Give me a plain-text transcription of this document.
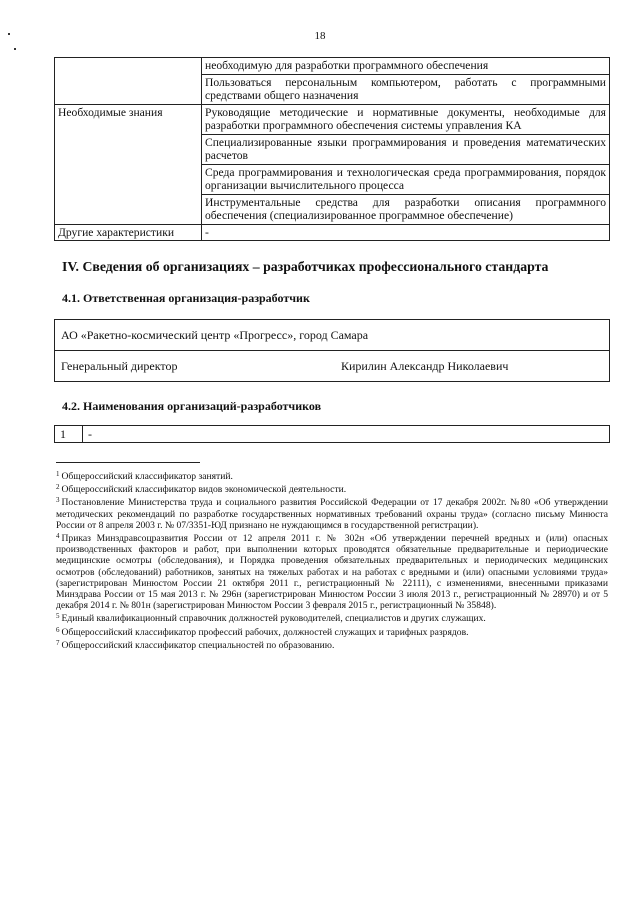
18
	необходимую для разработки программного обеспечения
	Пользоваться персональным компьютером, работать с программными средствами общего назначения
Необходимые знания	Руководящие методические и нормативные документы, необходимые для разработки программного обеспечения системы управления КА
	Специализированные языки программирования и проведения математических расчетов
	Среда программирования и технологическая среда программирования, порядок организации вычислительного процесса
	Инструментальные средства для разработки описания программного обеспечения (специализированное программное обеспечение)
Другие характеристики	-
IV. Сведения об организациях – разработчиках профессионального стандарта
4.1. Ответственная организация-разработчик
АО «Ракетно-космический центр «Прогресс», город Самара
Генеральный директор	Кирилин Александр Николаевич
4.2. Наименования организаций-разработчиков
1	-

$^1$ Общероссийский классификатор занятий.

$^2$ Общероссийский классификатор видов экономической деятельности.

$^3$ Постановление Министерства труда и социального развития Российской Федерации от 17 декабря 2002г. №80 «Об утверждении методических рекомендаций по разработке государственных нормативных требований охраны труда» (согласно письму Минюста России от 8 апреля 2003 г. № 07/3351-ЮД признано не нуждающимся в государственной регистрации).

$^4$ Приказ Минздравсоцразвития России от 12 апреля 2011 г. № 302н «Об утверждении перечней вредных и (или) опасных производственных факторов и работ, при выполнении которых проводятся обязательные предварительные и периодические медицинские осмотры (обследования), и Порядка проведения обязательных предварительных и периодических медицинских осмотров (обследований) работников, занятых на тяжелых работах и на работах с вредными и (или) опасными условиями труда» (зарегистрирован Минюстом России 21 октября 2011 г., регистрационный № 22111), с изменениями, внесенными приказами Минздрава России от 15 мая 2013 г. № 296н (зарегистрирован Минюстом России 3 июля 2013 г., регистрационный № 28970) и от 5 декабря 2014 г. № 801н (зарегистрирован Минюстом России 3 февраля 2015 г., регистрационный № 35848).

$^5$ Единый квалификационный справочник должностей руководителей, специалистов и других служащих.

$^6$ Общероссийский классификатор профессий рабочих, должностей служащих и тарифных разрядов.

$^7$ Общероссийский классификатор специальностей по образованию.
